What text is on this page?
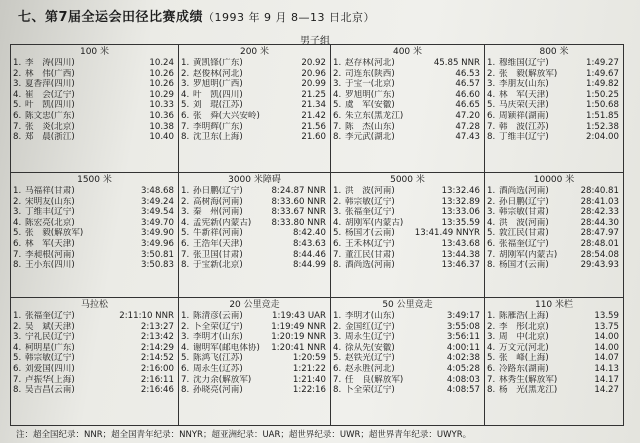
七、第7届全运会田径比赛成绩（1993 年 9 月 8—13 日北京）
男子组
100 米
1. 李　涛(四川)	10.24
2. 林　伟(广西)	10.26
3. 夏香萍(四川)	10.26
4. 崔　会(辽宁)	10.29
5. 叶　凯(四川)	10.33
6. 陈文忠(广东)	10.36
7. 张　炎(北京)	10.38
8. 郑　晨(浙江)	10.40
200 米
1. 黄凯锋(广东)	20.92
2. 赵俊林(河北)	20.96
3. 罗旭明(广西)	20.99
4. 叶　凯(四川)	21.25
5. 刘　琨(江苏)	21.34
6. 张　舜(大兴安岭)	21.42
7. 李明辉(广东)	21.56
8. 沈卫东(上海)	21.60
400 米
1. 赵存林(河北)	45.85 NNR
2. 司连东(陕西)	46.53
3. 于宝一(北京)	46.57
4. 罗旭明(广东)	46.60
5. 虞　军(安徽)	46.65
6. 朱立东(黑龙江)	47.20
7. 陈　杰(山东)	47.28
8. 李元武(湖北)	47.43
800 米
1. 穆维国(辽宁)	1:49.27
2. 张　毅(解放军)	1:49.67
3. 李朋友(山东)	1:49.82
4. 林　军(天津)	1:50.25
5. 马庆荣(天津)	1:50.68
6. 周颖祥(湖南)	1:51.85
7. 韩　波(江苏)	1:52.38
8. 丁维丰(辽宁)	2:04.00
1500 米
1. 马福祥(甘肃)	3:48.68
2. 宋明友(山东)	3:49.24
3. 丁维丰(辽宁)	3:49.54
4. 陈宏亮(北京)	3:49.70
5. 张　毅(解放军)	3:49.90
6. 林　军(天津)	3:49.96
7. 李昶根(河南)	3:50.81
8. 王小东(四川)	3:50.83
3000 米障碍
1. 孙日鹏(辽宁)	8:24.87 NNR
2. 高树海(河南)	8:33.60 NNR
3. 秦　州(河南)	8:33.67 NNR
4. 孟宪新(内蒙古)	8:33.80 NNR
5. 牛新祥(河南)	8:42.40
6. 王浩年(天津)	8:43.63
7. 张卫国(甘肃)	8:44.46
8. 于宝新(北京)	8:44.99
5000 米
1. 洪　波(河南)	13:32.46
2. 韩宗敏(辽宁)	13:32.89
3. 张福奎(辽宁)	13:33.06
4. 胡刚军(内蒙古)	13:35.59
5. 杨国才(云南)	13:41.49 NNYR
6. 王禾林(辽宁)	13:43.68
7. 董江民(甘肃)	13:44.38
8. 酒尚选(河南)	13:46.37
10000 米
1. 酒尚选(河南)	28:40.81
2. 孙日鹏(辽宁)	28:41.03
3. 韩宗敏(甘肃)	28:42.33
4. 洪　波(河南)	28:44.30
5. 敦江民(甘肃)	28:47.97
6. 张福奎(辽宁)	28:48.01
7. 胡刚军(内蒙古)	28:54.08
8. 杨国才(云南)	29:43.93
马拉松
1. 张福奎(辽宁)	2:11:10 NNR
2. 吴　斌(天津)	2:13:27
3. 宁礼民(辽宁)	2:13:42
4. 柯明星(广东)	2:14:29
5. 韩宗敏(辽宁)	2:14:52
6. 刘爱国(四川)	2:16:00
7. 卢振华(上海)	2:16:11
8. 吴吉昌(云南)	2:16:46
20 公里竞走
1. 陈清彦(云南)	1:19:43 UAR
2. 卜全荣(辽宁)	1:19:49 NNR
3. 李明才(山东)	1:20:19 NNR
4. 谢明军(邮电体协)	1:20:41 NNR
5. 陈鸿飞(江苏)	1:20:59
6. 周永生(辽苏)	1:21:22
7. 沈力余(解放军)	1:21:40
8. 孙晓亮(河南)	1:22:16
50 公里竞走
1. 李明才(山东)	3:49:17
2. 金国红(辽宁)	3:55:08
3. 周永生(辽宁)	3:56:11
4. 徐从先(安徽)	4:00:11
5. 赵铁光(辽宁)	4:02:38
6. 赵永胜(河北)	4:05:28
7. 任　良(解放军)	4:08:03
8. 卜全荣(辽宁)	4:08:57
110 米栏
1. 陈雁浩(上海)	13.59
2. 李　彤(北京)	13.75
3. 周　中(北京)	14.00
4. 万文元(河北)	14.00
5. 张　峰(上海)	14.07
6. 冷路东(湖南)	14.13
7. 林秀生(解放军)	14.17
8. 杨　光(黑龙江)	14.27
注：超全国纪录：NNR；超全国青年纪录：NNYR；超亚洲纪录：UAR；超世界纪录：UWR；超世界青年纪录：UWYR。
